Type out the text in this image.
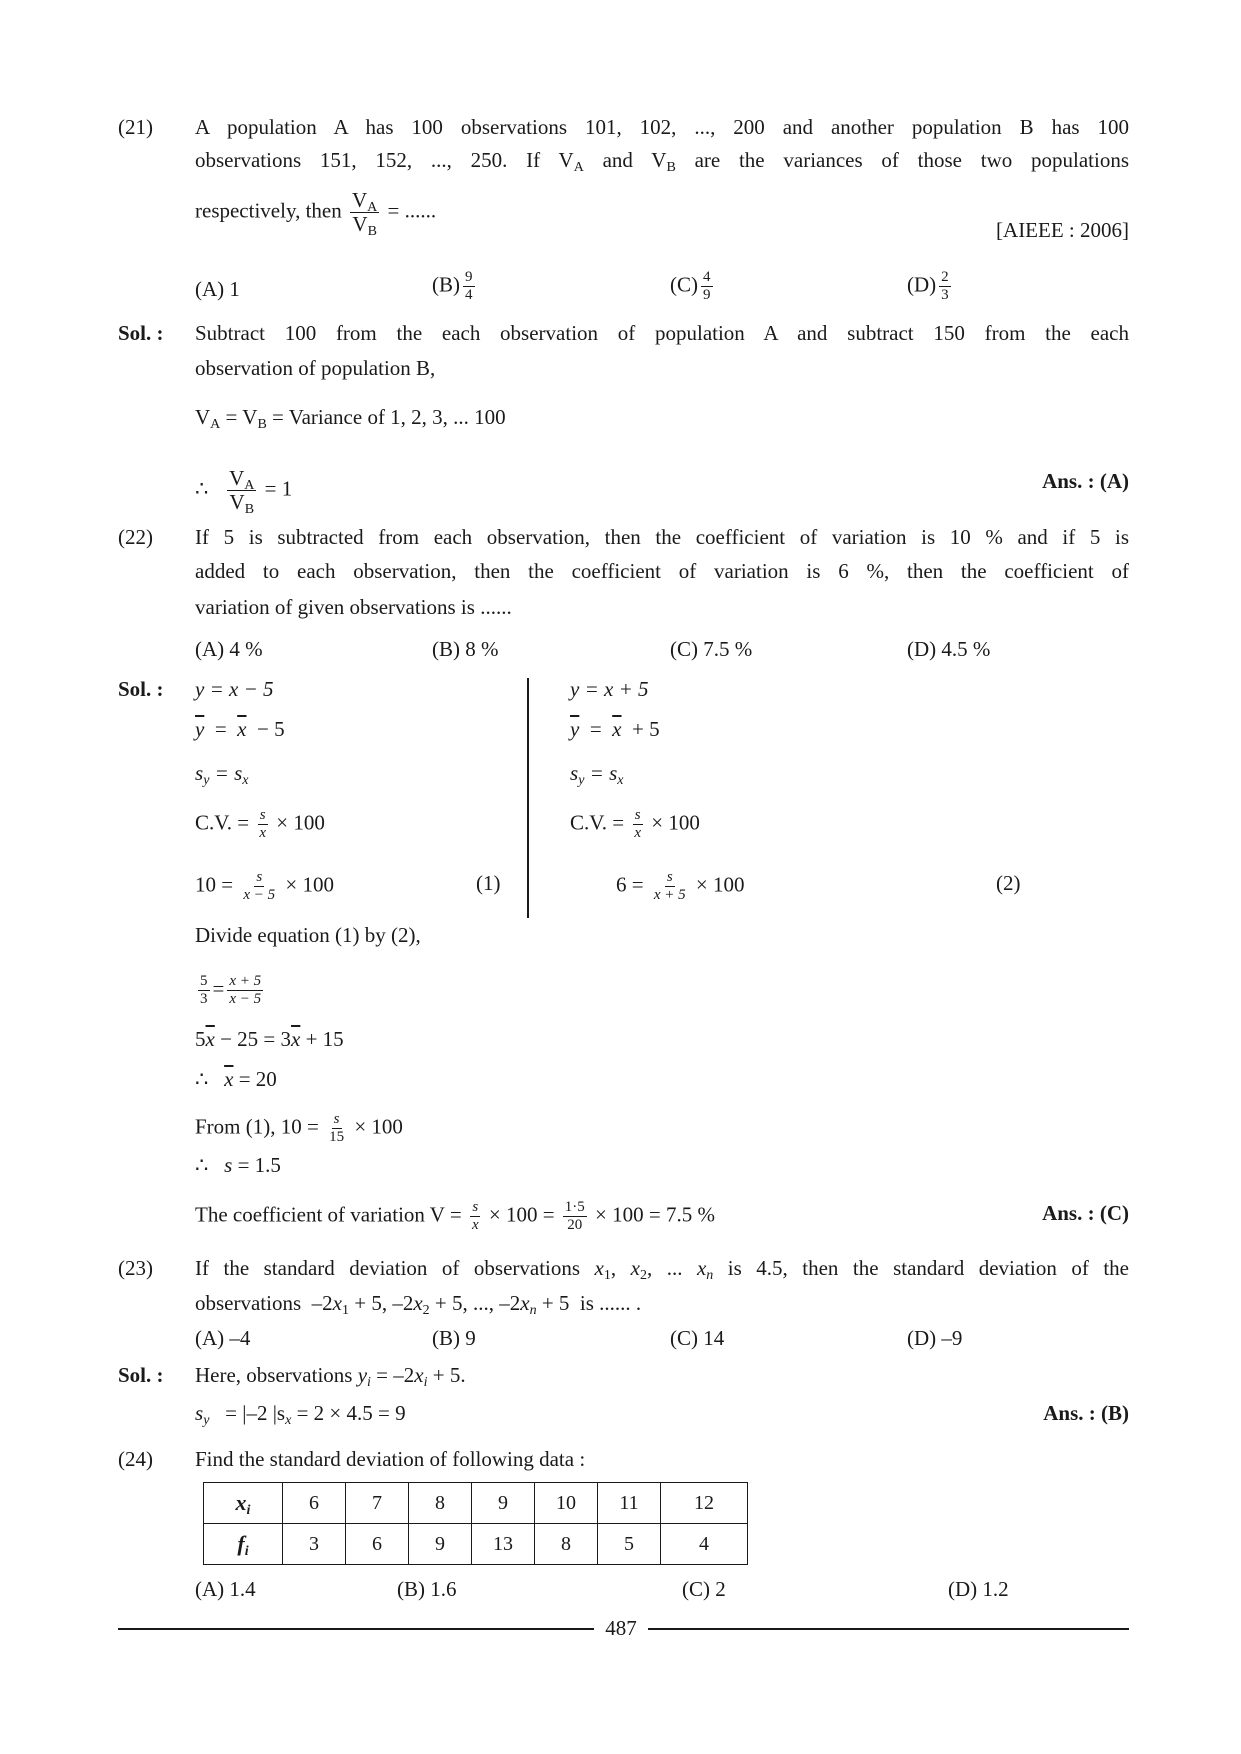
(21) A population A has 100 observations 101, 102, ..., 200 and another population B has 100
observations 151, 152, ..., 250. If $V_A$ and $V_B$ are the variances of those two populations
respectively, then $\frac{V_A}{V_B}$ = ......
[AIEEE : 2006]
(A) 1	$(B) \frac{9}{4}$	$(C) \frac{4}{9}$	$(D) \frac{2}{3}$
Sol. : Subtract 100 from the each observation of population A and subtract 150 from the each
observation of population B,
$V_A = V_B$ = Variance of 1, 2, 3, ... 100
∴ $\frac{V_A}{V_B} = 1$	Ans. : (A)
(22) If 5 is subtracted from each observation, then the coefficient of variation is 10 % and if 5 is
added to each observation, then the coefficient of variation is 6 %, then the coefficient of
variation of given observations is ......
(A) 4 %	(B) 8 %	(C) 7.5 %	(D) 4.5 %
Sol. : y = x − 5
$\overline{y} = \overline{x} - 5$
$s_y = s_x$
C.V. = $\frac{s}{x} \times 100$
$10 = \frac{s}{x - 5} \times 100$	(1)
y = x + 5
$\overline{y} = \overline{x} + 5$
$s_y = s_x$
C.V. = $\frac{s}{x} \times 100$
$6 = \frac{s}{x + 5} \times 100$	(2)
Divide equation (1) by (2),
$\frac{5}{3} = \frac{x + 5}{x - 5}$
$5\overline{x} - 25 = 3\overline{x} + 15$
∴ $\overline{x} = 20$
From (1), $10 = \frac{s}{15} \times 100$
∴ s = 1.5
The coefficient of variation $V = \frac{s}{x} \times 100 = \frac{1\cdot 5}{20} \times 100 = 7.5$ %	Ans. : (C)
(23) If the standard deviation of observations $x_1$, $x_2$, ... $x_n$ is 4.5, then the standard deviation of the
observations  $-2x_1 + 5$, $-2x_2 + 5$, ..., $-2x_n + 5$  is ...... .
(A) –4	(B) 9	(C) 14	(D) –9
Sol. : Here, observations $y_i = -2x_i + 5$.
$s_y = |-2$ $|s_x = 2 \times 4.5 = 9$	Ans. : (B)
(24) Find the standard deviation of following data :
$x_i$	6	7	8	9	10	11	12
$f_i$	3	6	9	13	8	5	4
(A) 1.4	(B) 1.6	(C) 2	(D) 1.2
487
